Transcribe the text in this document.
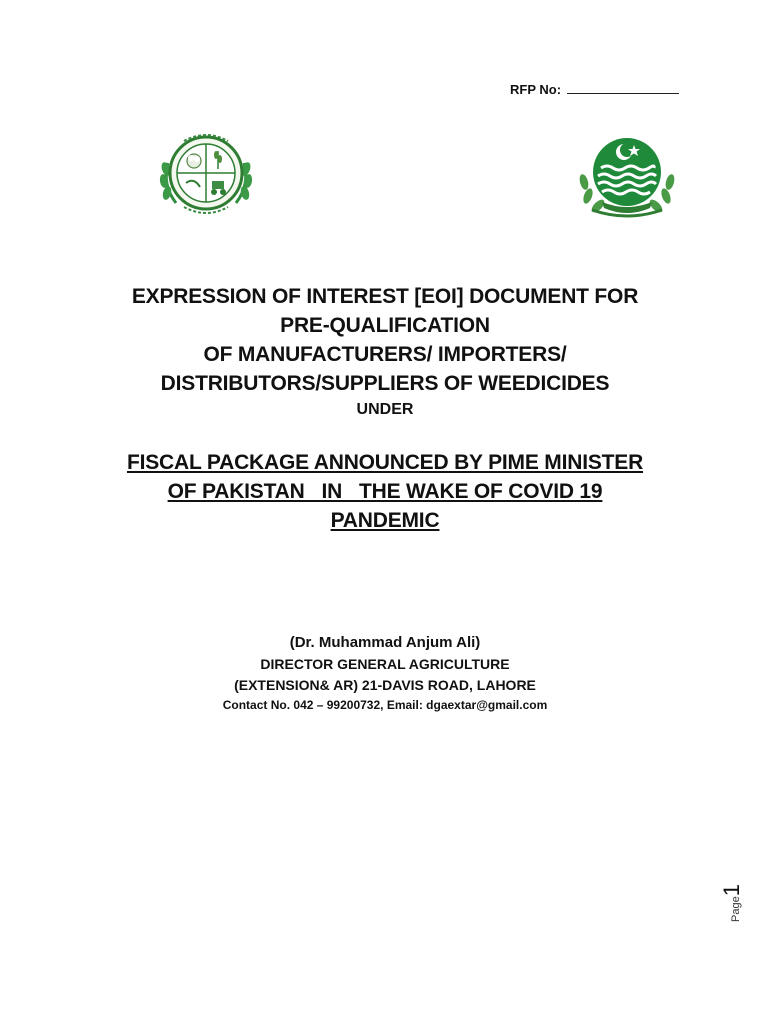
RFP No:
EXPRESSION OF INTEREST [EOI] DOCUMENT FOR
PRE-QUALIFICATION
OF MANUFACTURERS/ IMPORTERS/
DISTRIBUTORS/SUPPLIERS OF WEEDICIDES
UNDER
FISCAL PACKAGE ANNOUNCED BY PIME MINISTER
OF PAKISTAN   IN   THE WAKE OF COVID 19
PANDEMIC
(Dr. Muhammad Anjum Ali)
DIRECTOR GENERAL AGRICULTURE
(EXTENSION& AR) 21-DAVIS ROAD, LAHORE
Contact No. 042 – 99200732, Email: dgaextar@gmail.com
Page1
